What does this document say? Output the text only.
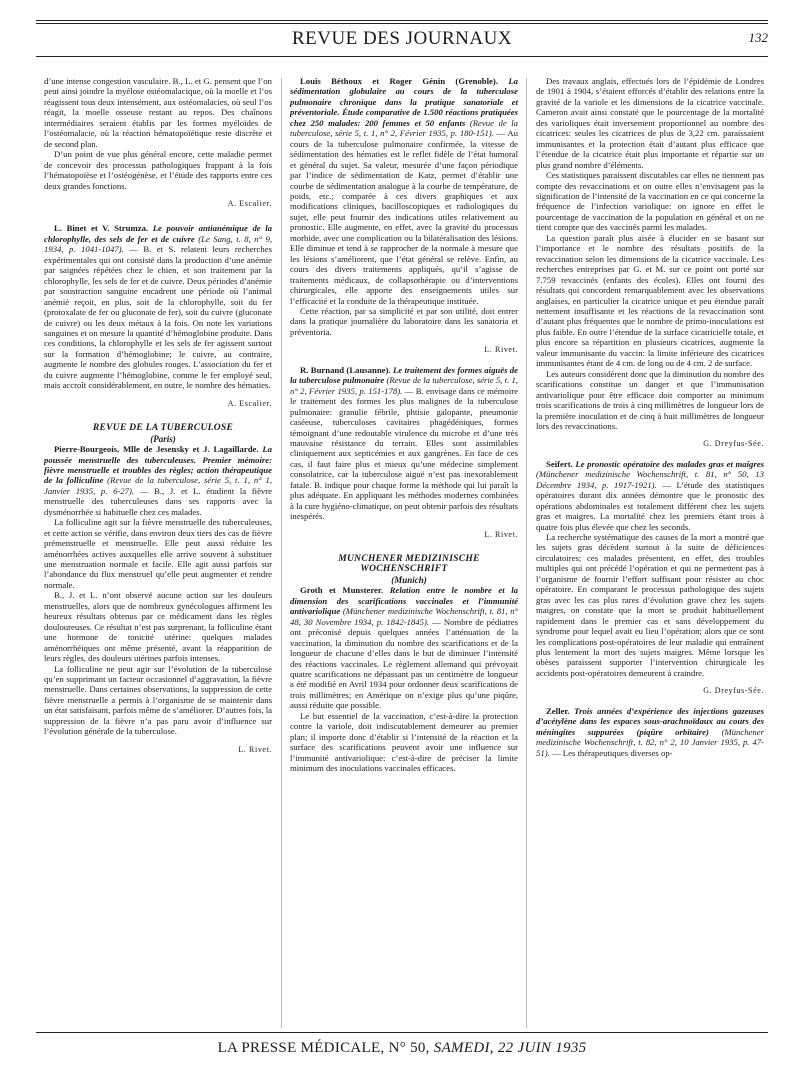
REVUE DES JOURNAUX	132

d’une intense congestion vasculaire. B., L. et G. pensent que l’on peut ainsi joindre la myélose ostéomalacique, où la moelle et l’os réagissent tous deux intensément, aux ostéomalacies, où seul l’os réagit, la moelle osseuse restant au repos. Des chaînons intermédiaires seraient établis par les formes myéloïdes de l’ostéomalacie, où la réaction hématopoïétique reste discrète et de second plan.

D’un point de vue plus général encore, cette maladie permet de concevoir des processus pathologiques frappant à la fois l’hématopoïèse et l’ostéogénèse, et l’étude des rapports entre ces deux grandes fonctions.

A. Escalier.

L. Binet et V. Strumza. Le pouvoir antianémique de la chlorophylle, des sels de fer et de cuivre (Le Sang, t. 8, n° 9, 1934, p. 1041-1047). — B. et S. relatent leurs recherches expérimentales qui ont consisté dans la production d’une anémie par saignées répétées chez le chien, et son traitement par la chlorophylle, les sels de fer et de cuivre. Deux périodes d’anémie par soustraction sanguine encadrent une période où l’animal anémié reçoit, en plus, soit de la chlorophylle, soit du fer (protoxalate de fer ou gluconate de fer), soit du cuivre (gluconate de cuivre) ou les deux métaux à la fois. On note les variations sanguines et on mesure la quantité d’hémoglobine produite. Dans ces conditions, la chlorophylle et les sels de fer agissent surtout sur la formation d’hémoglobine; le cuivre, au contraire, augmente le nombre des globules rouges. L’association du fer et du cuivre augmente l’hémoglobine, comme le fer employé seul, mais accroît considérablement, en outre, le nombre des hématies.

A. Escalier.

REVUE DE LA TUBERCULOSE

(Paris)

Pierre-Bourgeois, Mlle de Jesensky et J. Lagaillarde. La poussée menstruelle des tuberculeuses. Premier mémoire: fièvre menstruelle et troubles des règles; action thérapeutique de la folliculine (Revue de la tuberculose, série 5, t. 1, n° 1, Janvier 1935, p. 6-27). — B., J. et L. étudient la fièvre menstruelle des tuberculeuses dans ses rapports avec la dysménorrhée si habituelle chez ces malades.

La folliculine agit sur la fièvre menstruelle des tuberculeuses, et cette action se vérifie, dans environ deux tiers des cas de fièvre prémenstruelle et menstruelle. Elle peut aussi réduire les aménorrhées actives auxquelles elle arrive souvent à substituer une menstruation normale et facile. Elle agit aussi parfois sur l’abondance du flux menstruel qu’elle peut augmenter et rendre normale.

B., J. et L. n’ont observé aucune action sur les douleurs menstruelles, alors que de nombreux gynécologues affirment les heureux résultats obtenus par ce médicament dans les règles douloureuses. Ce résultat n’est pas surprenant, la folliculine étant une hormone de tonicité utérine: quelques malades aménorrhéiques ont même présenté, avant la réapparition de leurs règles, des douleurs utérines parfois intenses.

La folliculine ne peut agir sur l’évolution de la tuberculose qu’en supprimant un facteur occasionnel d’aggravation, la fièvre menstruelle. Dans certaines observations, la suppression de cette fièvre menstruelle a permis à l’organisme de se maintenir dans un état satisfaisant, parfois même de s’améliorer. D’autres fois, la suppression de la fièvre n’a pas paru avoir d’influence sur l’évolution générale de la tuberculose.

L. Rivet.

Louis Béthoux et Roger Génin (Grenoble). La sédimentation globulaire au cours de la tuberculose pulmonaire chronique dans la pratique sanatoriale et préventoriale. Étude comparative de 1.500 réactions pratiquées chez 250 malades: 200 femmes et 50 enfants (Revue de la tuberculose, série 5, t. 1, n° 2, Février 1935, p. 180-151). — Au cours de la tuberculose pulmonaire confirmée, la vitesse de sédimentation des hématies est le reflet fidèle de l’état humoral et général du sujet. Sa valeur, mesurée d’une façon périodique par l’indice de sédimentation de Katz, permet d’établir une courbe de sédimentation analogue à la courbe de température, de poids, etc.; comparée à ces divers graphiques et aux modifications cliniques, bacilloscopiques et radiologiques du sujet, elle peut fournir des indications utiles relativement au pronostic. Elle augmente, en effet, avec la gravité du processus morbide, avec une complication ou la bilatéralisation des lésions. Elle diminue et tend à se rapprocher de la normale à mesure que les lésions s’améliorent, que l’état général se relève. Enfin, au cours des divers traitements appliqués, qu’il s’agisse de traitements médicaux, de collapsothérapie ou d’interventions chirurgicales, elle apporte des enseignements utiles sur l’efficacité et la conduite de la thérapeutique instituée.

Cette réaction, par sa simplicité et par son utilité, doit entrer dans la pratique journalière du laboratoire dans les sanatoria et préventoria.

L. Rivet.

R. Burnand (Lausanne). Le traitement des formes aiguës de la tuberculose pulmonaire (Revue de la tuberculose, série 5, t. 1, n° 2, Février 1935, p. 151-178). — B. envisage dans ce mémoire le traitement des formes les plus malignes de la tuberculose pulmonaire: granulie fébrile, phtisie galopante, pneumonie caséeuse, tuberculoses cavitaires phagédéniques, formes témoignant d’une redoutable virulence du microbe et d’une très mauvaise résistance du terrain. Elles sont assimilables cliniquement aux septicémies et aux gangrènes. En face de ces cas, il faut faire plus et mieux qu’une médecine simplement consolatrice, car la tuberculose aiguë n’est pas inexorablement fatale. B. indique pour chaque forme la méthode qui lui paraît la plus adéquate. En appliquant les méthodes modernes combinées à la cure hygiéno-climatique, on peut obtenir parfois des résultats inespérés.

L. Rivet.

MUNCHENER MEDIZINISCHE WOCHENSCHRIFT

(Munich)

Groth et Munsterer. Relation entre le nombre et la dimension des scarifications vaccinales et l’immunité antivariolique (Münchener medizinische Wochenschrift, t. 81, n° 48, 30 Novembre 1934, p. 1842-1845). — Nombre de pédiatres ont préconisé depuis quelques années l’atténuation de la vaccination, la diminution du nombre des scarifications et de la longueur de chacune d’elles dans le but de diminuer l’intensité des réactions vaccinales. Le règlement allemand qui prévoyait quatre scarifications ne dépassant pas un centimètre de longueur a été modifié en Avril 1934 pour ordonner deux scarifications de trois millimètres; en Amérique on n’exige plus qu’une piqûre, aussi réduite que possible.

Le but essentiel de la vaccination, c’est-à-dire la protection contre la variole, doit indiscutablement demeurer au premier plan; il importe donc d’établir si l’intensité de la réaction et la surface des scarifications peuvent avoir une influence sur l’immunité antivariolique: c’est-à-dire de préciser la limite minimum des inoculations vaccinales efficaces.

Des travaux anglais, effectués lors de l’épidémie de Londres de 1901 à 1904, s’étaient efforcés d’établir des relations entre la gravité de la variole et les dimensions de la cicatrice vaccinale. Cameron avait ainsi constaté que le pourcentage de la mortalité des varioliques était inversement proportionnel au nombre des cicatrices: seules les cicatrices de plus de 3,22 cm. paraissaient immunisantes et la protection était d’autant plus efficace que l’étendue de la cicatrice était plus importante et répartie sur un plus grand nombre d’éléments.

Ces statistiques paraissent discutables car elles ne tiennent pas compte des revaccinations et on outre elles n’envisagent pas la signification de l’intensité de la vaccination en ce qui concerne la fréquence de l’infection variolique: on ignore en effet le pourcentage de vaccination de la population en général et on ne tient compte que des vaccinés parmi les malades.

La question paraît plus aisée à élucider en se basant sur l’importance et le nombre des résultats positifs de la revaccination selon les dimensions de la cicatrice vaccinale. Les recherches entreprises par G. et M. sur ce point ont porté sur 7.759 revaccinés (enfants des écoles). Elles ont fourni des résultats qui concordent remarquablement avec les observations anglaises, en particulier la cicatrice unique et peu étendue paraît nettement insuffisante et les réactions de la revaccination sont d’autant plus fréquentes que le nombre de primo-inoculations est plus faible. En outre l’étendue de la surface cicatricielle totale, et plus encore sa répartition en plusieurs cicatrices, augmente la valeur immunisante du vaccin: la limite inférieure des cicatrices immunisantes étant de 4 cm. de long ou de 4 cm. 2 de surface.

Les auteurs considèrent donc que la diminution du nombre des scarifications constitue un danger et que l’immunisation antivariolique pour être efficace doit comporter au minimum trois scarifications de trois à cinq millimètres de longueur lors de la première inoculation et de cinq à huit millimètres de longueur lors des revaccinations.

G. Dreyfus-Sée.

Seifert. Le pronostic opératoire des malades gras et maigres (Münchener medizinische Wochenschrift, t. 81, n° 50, 13 Décembre 1934, p. 1917-1921). — L’étude des statistiques opératoires durant dix années démontre que le pronostic des opérations abdominales est totalement différent chez les sujets gras et maigres. La mortalité chez les premiers étant trois à quatre fois plus élevée que chez les seconds.

La recherche systématique des causes de la mort a montré que les sujets gras décèdent surtout à la suite de déficiences circulatoires; ces malades présentent, en effet, des troubles multiples qui ont précédé l’opération et qui ne permettent pas à l’organisme de fournir l’effort suffisant pour résister au choc opératoire. En comparant le processus pathologique des sujets gras avec les cas plus rares d’évolution grave chez les sujets maigres, on constate que la mort se produit habituellement rapidement dans le premier cas et sans développement du syndrome pour lequel avait eu lieu l’opération; alors que ce sont les complications post-opératoires de leur maladie qui entraînent plus lentement la mort des sujets maigres. Même lorsque les obèses paraissent supporter l’intervention chirurgicale les accidents post-opératoires demeurent à craindre.

G. Dreyfus-Sée.

Zeller. Trois années d’expérience des injections gazeuses d’acétylène dans les espaces sous-arachnoïdaux au cours des méningites suppurées (piqûre orbitaire) (Münchener medizinische Wochenschrift, t. 82, n° 2, 10 Janvier 1935, p. 47-51). — Les thérapeutiques diverses op-

LA PRESSE MÉDICALE, N° 50, SAMEDI, 22 JUIN 1935
